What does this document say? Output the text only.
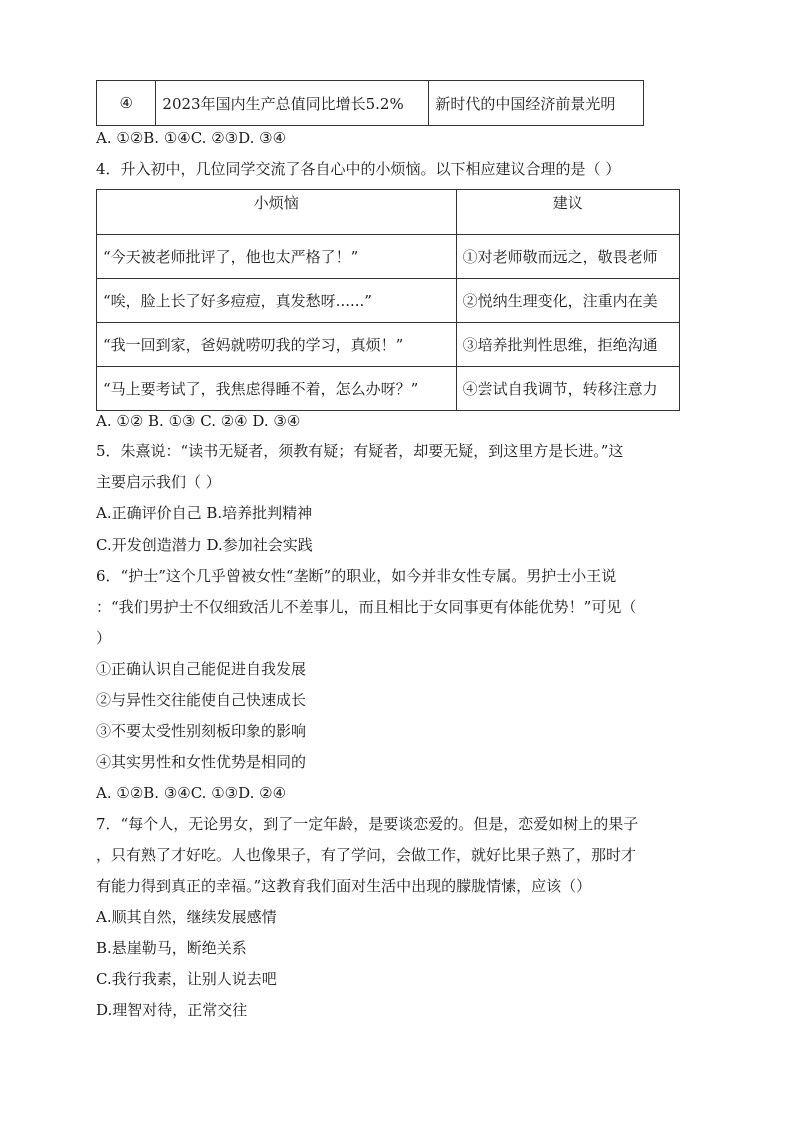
④	2023年国内生产总值同比增长5.2%	新时代的中国经济前景光明
A. ①②B. ①④C. ②③D. ③④
4．升入初中，几位同学交流了各自心中的小烦恼。以下相应建议合理的是（ ）
小烦恼	建议
“今天被老师批评了，他也太严格了！”	①对老师敬而远之，敬畏老师
“唉，脸上长了好多痘痘，真发愁呀......”	②悦纳生理变化，注重内在美
“我一回到家，爸妈就唠叨我的学习，真烦！”	③培养批判性思维，拒绝沟通
“马上要考试了，我焦虑得睡不着，怎么办呀？”	④尝试自我调节，转移注意力
A. ①② B. ①③ C. ②④ D. ③④
5．朱熹说：“读书无疑者，须教有疑；有疑者，却要无疑，到这里方是长进。”这
主要启示我们（ ）
A.正确评价自己 B.培养批判精神
C.开发创造潜力 D.参加社会实践
6．“护士”这个几乎曾被女性“垄断”的职业，如今并非女性专属。男护士小王说
：“我们男护士不仅细致活儿不差事儿，而且相比于女同事更有体能优势！”可见（
）
①正确认识自己能促进自我发展
②与异性交往能使自己快速成长
③不要太受性别刻板印象的影响
④其实男性和女性优势是相同的
A. ①②B. ③④C. ①③D. ②④
7．“每个人，无论男女，到了一定年龄，是要谈恋爱的。但是，恋爱如树上的果子
，只有熟了才好吃。人也像果子，有了学问，会做工作，就好比果子熟了，那时才
有能力得到真正的幸福。”这教育我们面对生活中出现的朦胧情愫，应该（）
A.顺其自然，继续发展感情
B.悬崖勒马，断绝关系
C.我行我素，让别人说去吧
D.理智对待，正常交往
